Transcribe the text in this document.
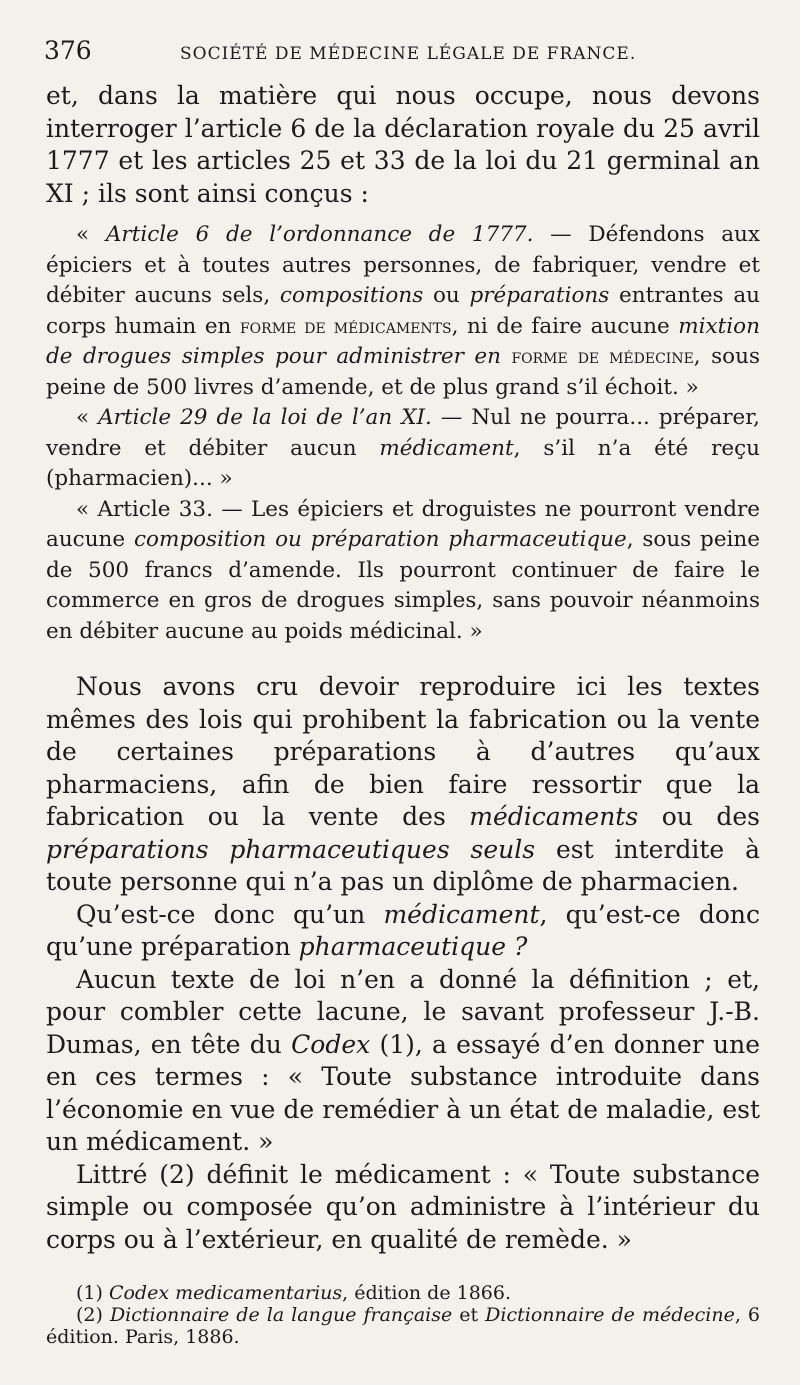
376	SOCIÉTÉ DE MÉDECINE LÉGALE DE FRANCE.

et, dans la matière qui nous occupe, nous devons interroger l’article 6 de la déclaration royale du 25 avril 1777 et les articles 25 et 33 de la loi du 21 germinal an XI ; ils sont ainsi conçus :

« Article 6 de l’ordonnance de 1777. — Défendons aux épiciers et à toutes autres personnes, de fabriquer, vendre et débiter aucuns sels, compositions ou préparations entrantes au corps humain en forme de médicaments, ni de faire aucune mixtion de drogues simples pour administrer en forme de médecine, sous peine de 500 livres d’amende, et de plus grand s’il échoit. »

« Article 29 de la loi de l’an XI. — Nul ne pourra... préparer, vendre et débiter aucun médicament, s’il n’a été reçu (pharmacien)... »

« Article 33. — Les épiciers et droguistes ne pourront vendre aucune composition ou préparation pharmaceutique, sous peine de 500 francs d’amende. Ils pourront continuer de faire le commerce en gros de drogues simples, sans pouvoir néanmoins en débiter aucune au poids médicinal. »

Nous avons cru devoir reproduire ici les textes mêmes des lois qui prohibent la fabrication ou la vente de certaines préparations à d’autres qu’aux pharmaciens, afin de bien faire ressortir que la fabrication ou la vente des médicaments ou des préparations pharmaceutiques seuls est interdite à toute personne qui n’a pas un diplôme de pharmacien.

Qu’est-ce donc qu’un médicament, qu’est-ce donc qu’une préparation pharmaceutique ?

Aucun texte de loi n’en a donné la définition ; et, pour combler cette lacune, le savant professeur J.-B. Dumas, en tête du Codex (1), a essayé d’en donner une en ces termes : « Toute substance introduite dans l’économie en vue de remédier à un état de maladie, est un médicament. »

Littré (2) définit le médicament : « Toute substance simple ou composée qu’on administre à l’intérieur du corps ou à l’extérieur, en qualité de remède. »

(1) Codex medicamentarius, édition de 1866.

(2) Dictionnaire de la langue française et Dictionnaire de médecine, 6 édition. Paris, 1886.
